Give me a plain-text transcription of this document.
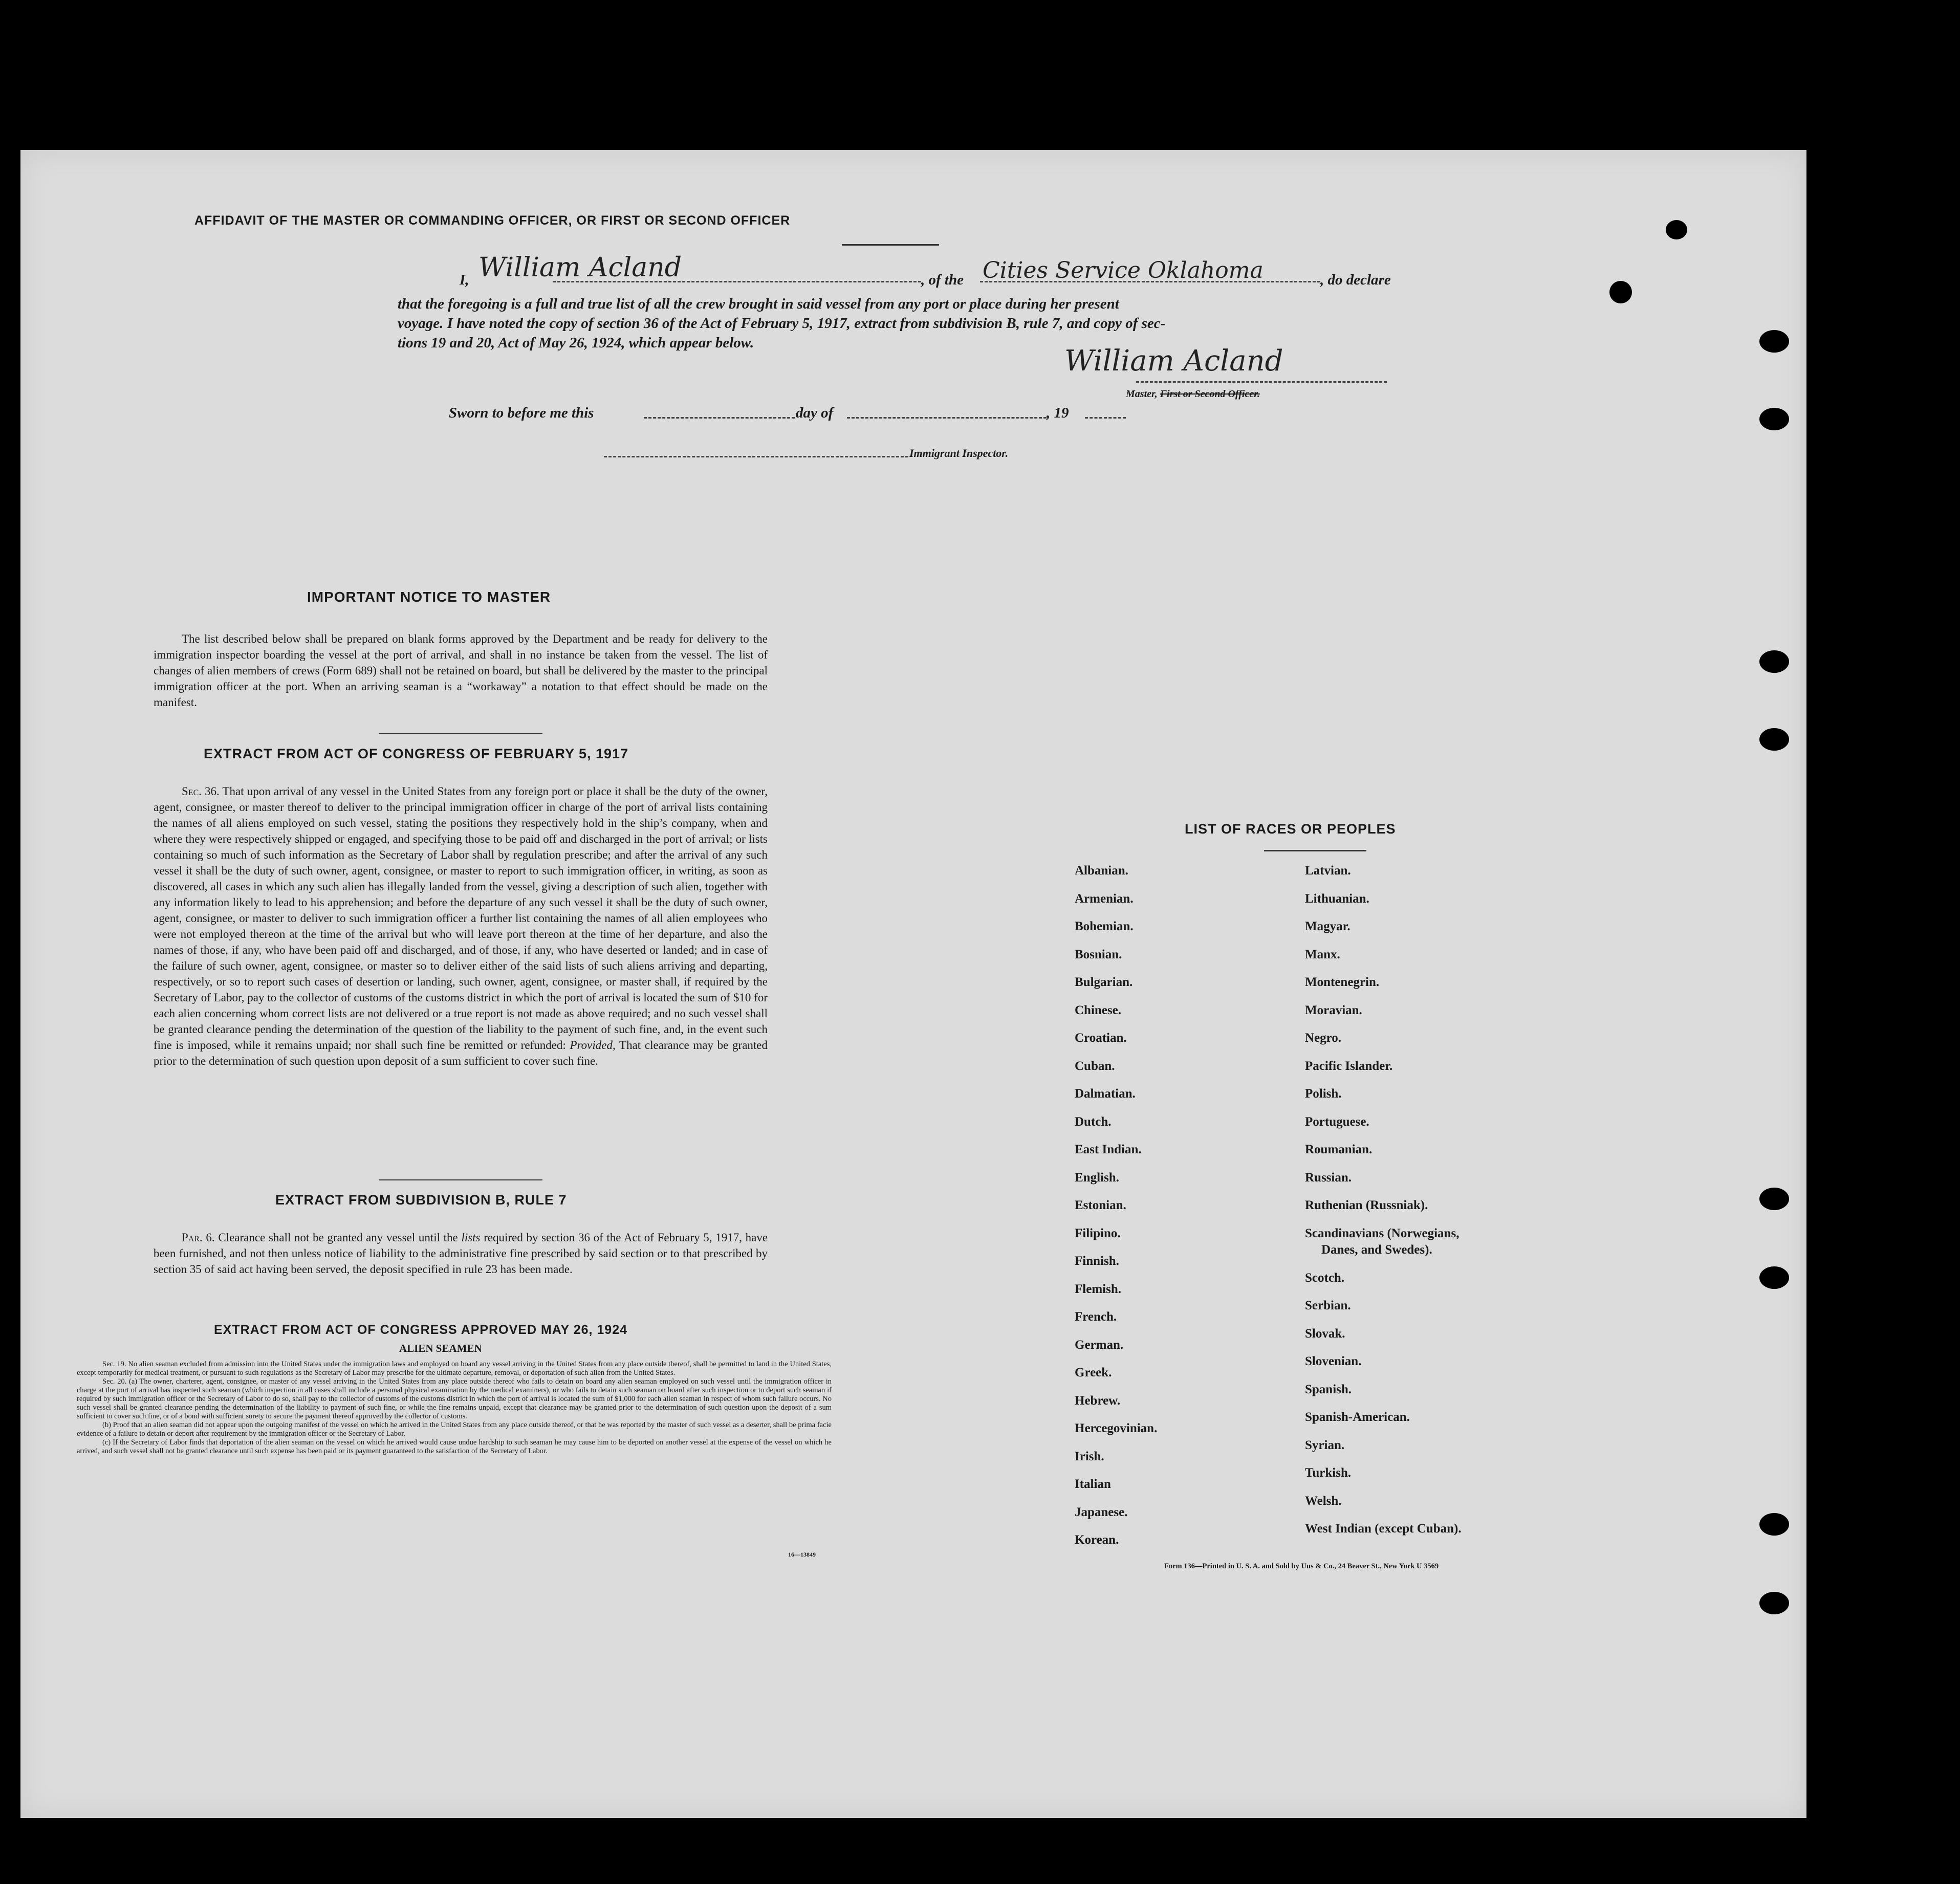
AFFIDAVIT OF THE MASTER OR COMMANDING OFFICER, OR FIRST OR SECOND OFFICER
I, William Acland	, of the Cities Service Oklahoma	, do declare
that the foregoing is a full and true list of all the crew brought in said vessel from any port or place during her present
voyage. I have noted the copy of section 36 of the Act of February 5, 1917, extract from subdivision B, rule 7, and copy of sec-
tions 19 and 20, Act of May 26, 1924, which appear below.
William Acland
Master, First or Second Officer.
Sworn to before me this	day of	, 19
Immigrant Inspector.
IMPORTANT NOTICE TO MASTER
The list described below shall be prepared on blank forms approved by the Department and be ready for delivery to the immigration inspector boarding the vessel at the port of arrival, and shall in no instance be taken from the vessel. The list of changes of alien members of crews (Form 689) shall not be retained on board, but shall be delivered by the master to the principal immigration officer at the port. When an arriving seaman is a “workaway” a notation to that effect should be made on the manifest.
EXTRACT FROM ACT OF CONGRESS OF FEBRUARY 5, 1917
Sec. 36. That upon arrival of any vessel in the United States from any foreign port or place it shall be the duty of the owner, agent, consignee, or master thereof to deliver to the principal immigration officer in charge of the port of arrival lists containing the names of all aliens employed on such vessel, stating the positions they respectively hold in the ship’s company, when and where they were respectively shipped or engaged, and specifying those to be paid off and discharged in the port of arrival; or lists containing so much of such information as the Secretary of Labor shall by regulation prescribe; and after the arrival of any such vessel it shall be the duty of such owner, agent, consignee, or master to report to such immigration officer, in writing, as soon as discovered, all cases in which any such alien has illegally landed from the vessel, giving a description of such alien, together with any information likely to lead to his apprehension; and before the departure of any such vessel it shall be the duty of such owner, agent, consignee, or master to deliver to such immigration officer a further list containing the names of all alien employees who were not employed thereon at the time of the arrival but who will leave port thereon at the time of her departure, and also the names of those, if any, who have been paid off and discharged, and of those, if any, who have deserted or landed; and in case of the failure of such owner, agent, consignee, or master so to deliver either of the said lists of such aliens arriving and departing, respectively, or so to report such cases of desertion or landing, such owner, agent, consignee, or master shall, if required by the Secretary of Labor, pay to the collector of customs of the customs district in which the port of arrival is located the sum of $10 for each alien concerning whom correct lists are not delivered or a true report is not made as above required; and no such vessel shall be granted clearance pending the determination of the question of the liability to the payment of such fine, and, in the event such fine is imposed, while it remains unpaid; nor shall such fine be remitted or refunded: Provided, That clearance may be granted prior to the determination of such question upon deposit of a sum sufficient to cover such fine.
EXTRACT FROM SUBDIVISION B, RULE 7
Par. 6. Clearance shall not be granted any vessel until the lists required by section 36 of the Act of February 5, 1917, have been furnished, and not then unless notice of liability to the administrative fine prescribed by said section or to that prescribed by section 35 of said act having been served, the deposit specified in rule 23 has been made.
EXTRACT FROM ACT OF CONGRESS APPROVED MAY 26, 1924
ALIEN SEAMEN
Sec. 19. No alien seaman excluded from admission into the United States under the immigration laws and employed on board any vessel arriving in the United States from any place outside thereof, shall be permitted to land in the United States, except temporarily for medical treatment, or pursuant to such regulations as the Secretary of Labor may prescribe for the ultimate departure, removal, or deportation of such alien from the United States.
Sec. 20. (a) The owner, charterer, agent, consignee, or master of any vessel arriving in the United States from any place outside thereof who fails to detain on board any alien seaman employed on such vessel until the immigration officer in charge at the port of arrival has inspected such seaman (which inspection in all cases shall include a personal physical examination by the medical examiners), or who fails to detain such seaman on board after such inspection or to deport such seaman if required by such immigration officer or the Secretary of Labor to do so, shall pay to the collector of customs of the customs district in which the port of arrival is located the sum of $1,000 for each alien seaman in respect of whom such failure occurs. No such vessel shall be granted clearance pending the determination of the liability to payment of such fine, or while the fine remains unpaid, except that clearance may be granted prior to the determination of such question upon the deposit of a sum sufficient to cover such fine, or of a bond with sufficient surety to secure the payment thereof approved by the collector of customs.
(b) Proof that an alien seaman did not appear upon the outgoing manifest of the vessel on which he arrived in the United States from any place outside thereof, or that he was reported by the master of such vessel as a deserter, shall be prima facie evidence of a failure to detain or deport after requirement by the immigration officer or the Secretary of Labor.
(c) If the Secretary of Labor finds that deportation of the alien seaman on the vessel on which he arrived would cause undue hardship to such seaman he may cause him to be deported on another vessel at the expense of the vessel on which he arrived, and such vessel shall not be granted clearance until such expense has been paid or its payment guaranteed to the satisfaction of the Secretary of Labor.
16—13849
LIST OF RACES OR PEOPLES
Albanian.
Armenian.
Bohemian.
Bosnian.
Bulgarian.
Chinese.
Croatian.
Cuban.
Dalmatian.
Dutch.
East Indian.
English.
Estonian.
Filipino.
Finnish.
Flemish.
French.
German.
Greek.
Hebrew.
Hercegovinian.
Irish.
Italian
Japanese.
Korean.
Latvian.
Lithuanian.
Magyar.
Manx.
Montenegrin.
Moravian.
Negro.
Pacific Islander.
Polish.
Portuguese.
Roumanian.
Russian.
Ruthenian (Russniak).
Scandinavians (Norwegians,
Danes, and Swedes).
Scotch.
Serbian.
Slovak.
Slovenian.
Spanish.
Spanish-American.
Syrian.
Turkish.
Welsh.
West Indian (except Cuban).
Form 136—Printed in U. S. A. and Sold by Uus & Co., 24 Beaver St., New York U 3569
